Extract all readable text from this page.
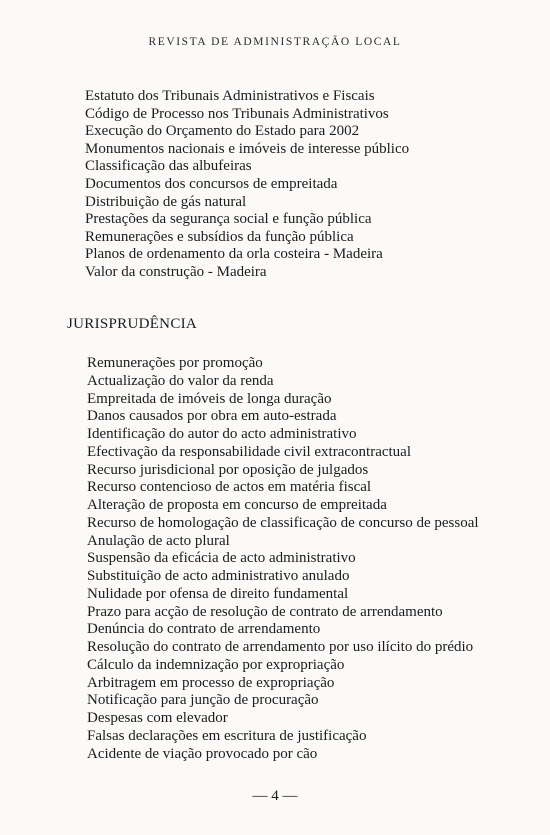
REVISTA DE ADMINISTRAÇÃO LOCAL
Estatuto dos Tribunais Administrativos e Fiscais
Código de Processo nos Tribunais Administrativos
Execução do Orçamento do Estado para 2002
Monumentos nacionais e imóveis de interesse público
Classificação das albufeiras
Documentos dos concursos de empreitada
Distribuição de gás natural
Prestações da segurança social e função pública
Remunerações e subsídios da função pública
Planos de ordenamento da orla costeira - Madeira
Valor da construção - Madeira
JURISPRUDÊNCIA
Remunerações por promoção
Actualização do valor da renda
Empreitada de imóveis de longa duração
Danos causados por obra em auto-estrada
Identificação do autor do acto administrativo
Efectivação da responsabilidade civil extracontractual
Recurso jurisdicional por oposição de julgados
Recurso contencioso de actos em matéria fiscal
Alteração de proposta em concurso de empreitada
Recurso de homologação de classificação de concurso de pessoal
Anulação de acto plural
Suspensão da eficácia de acto administrativo
Substituição de acto administrativo anulado
Nulidade por ofensa de direito fundamental
Prazo para acção de resolução de contrato de arrendamento
Denúncia do contrato de arrendamento
Resolução do contrato de arrendamento por uso ilícito do prédio
Cálculo da indemnização por expropriação
Arbitragem em processo de expropriação
Notificação para junção de procuração
Despesas com elevador
Falsas declarações em escritura de justificação
Acidente de viação provocado por cão
— 4 —
